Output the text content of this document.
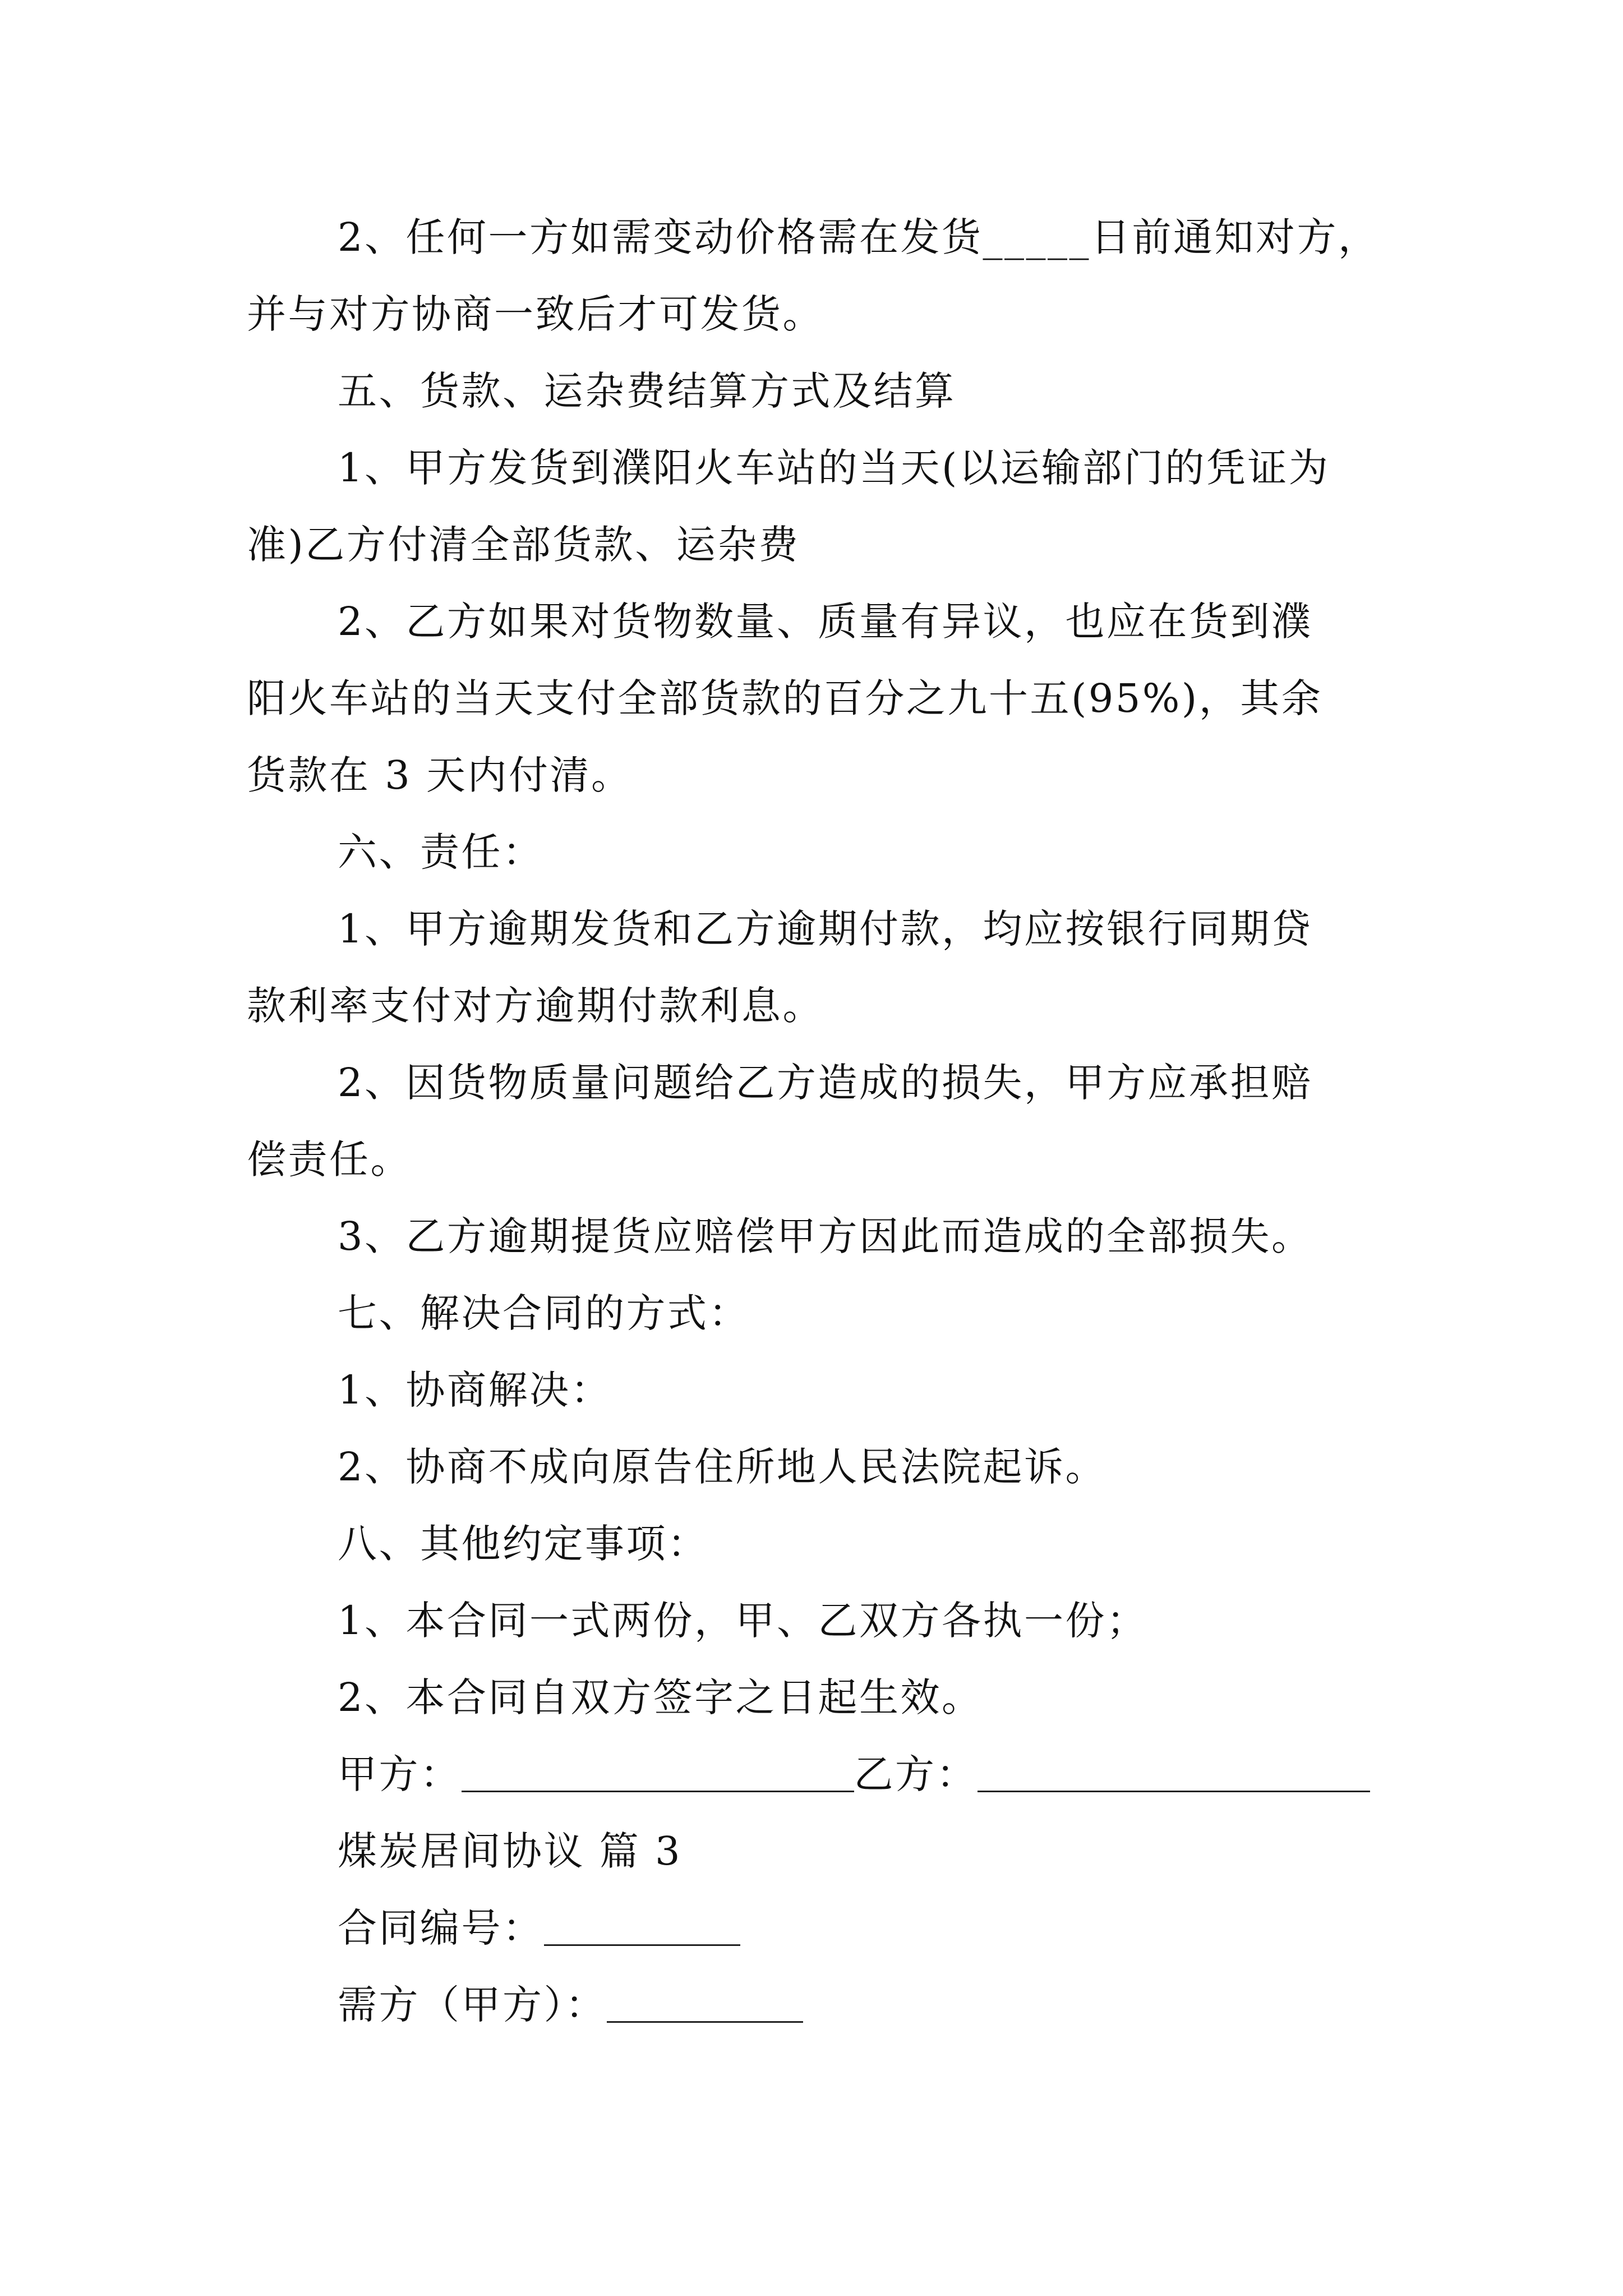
2、任何一方如需变动价格需在发货_____日前通知对方，
并与对方协商一致后才可发货。
五、货款、运杂费结算方式及结算
1、甲方发货到濮阳火车站的当天(以运输部门的凭证为
准)乙方付清全部货款、运杂费
2、乙方如果对货物数量、质量有异议，也应在货到濮
阳火车站的当天支付全部货款的百分之九十五(95%)，其余
货款在 3 天内付清。
六、责任：
1、甲方逾期发货和乙方逾期付款，均应按银行同期贷
款利率支付对方逾期付款利息。
2、因货物质量问题给乙方造成的损失，甲方应承担赔
偿责任。
3、乙方逾期提货应赔偿甲方因此而造成的全部损失。
七、解决合同的方式：
1、协商解决：
2、协商不成向原告住所地人民法院起诉。
八、其他约定事项：
1、本合同一式两份，甲、乙双方各执一份；
2、本合同自双方签字之日起生效。
甲方：	乙方：
煤炭居间协议 篇 3
合同编号：
需方（甲方）：
